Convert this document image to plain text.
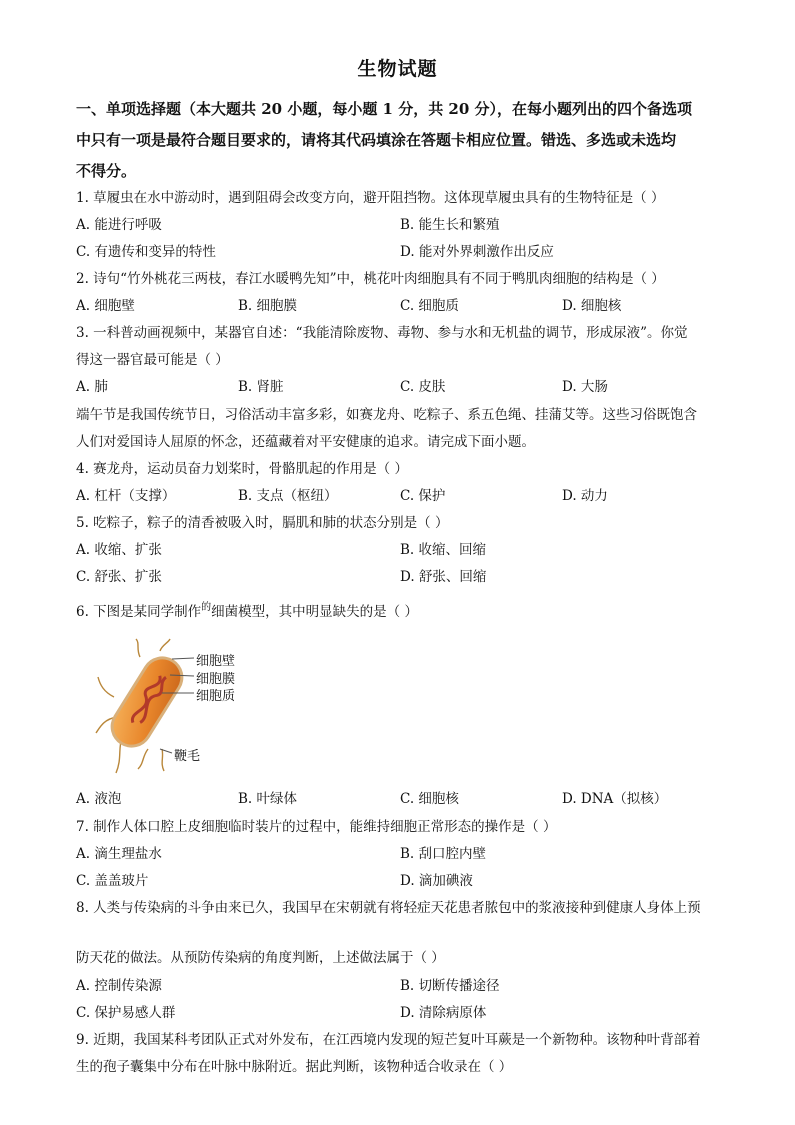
生物试题
一、单项选择题（本大题共 20 小题，每小题 1 分，共 20 分），在每小题列出的四个备选项
中只有一项是最符合题目要求的，请将其代码填涂在答题卡相应位置。错选、多选或未选均
不得分。
1. 草履虫在水中游动时，遇到阻碍会改变方向，避开阻挡物。这体现草履虫具有的生物特征是（ ）
A. 能进行呼吸	B. 能生长和繁殖
C. 有遗传和变异的特性	D. 能对外界刺激作出反应
2. 诗句“竹外桃花三两枝，春江水暖鸭先知”中，桃花叶肉细胞具有不同于鸭肌肉细胞的结构是（ ）
A. 细胞壁	B. 细胞膜	C. 细胞质	D. 细胞核
3. 一科普动画视频中，某器官自述：“我能清除废物、毒物、参与水和无机盐的调节，形成尿液”。你觉
得这一器官最可能是（ ）
A. 肺	B. 肾脏	C. 皮肤	D. 大肠
端午节是我国传统节日，习俗活动丰富多彩，如赛龙舟、吃粽子、系五色绳、挂蒲艾等。这些习俗既饱含
人们对爱国诗人屈原的怀念，还蕴藏着对平安健康的追求。请完成下面小题。
4. 赛龙舟，运动员奋力划桨时，骨骼肌起的作用是（ ）
A. 杠杆（支撑）	B. 支点（枢纽）	C. 保护	D. 动力
5. 吃粽子，粽子的清香被吸入时，膈肌和肺的状态分别是（ ）
A. 收缩、扩张	B. 收缩、回缩
C. 舒张、扩张	D. 舒张、回缩
6. 下图是某同学制作$^的$细菌模型，其中明显缺失的是（ ）
细胞壁
细胞膜
细胞质
鞭毛
A. 液泡	B. 叶绿体	C. 细胞核	D. DNA（拟核）
7. 制作人体口腔上皮细胞临时装片的过程中，能维持细胞正常形态的操作是（ ）
A. 滴生理盐水	B. 刮口腔内壁
C. 盖盖玻片	D. 滴加碘液
8. 人类与传染病的斗争由来已久，我国早在宋朝就有将轻症天花患者脓包中的浆液接种到健康人身体上预
防天花的做法。从预防传染病的角度判断，上述做法属于（ ）
A. 控制传染源	B. 切断传播途径
C. 保护易感人群	D. 清除病原体
9. 近期，我国某科考团队正式对外发布，在江西境内发现的短芒复叶耳蕨是一个新物种。该物种叶背部着
生的孢子囊集中分布在叶脉中脉附近。据此判断，该物种适合收录在（ ）
